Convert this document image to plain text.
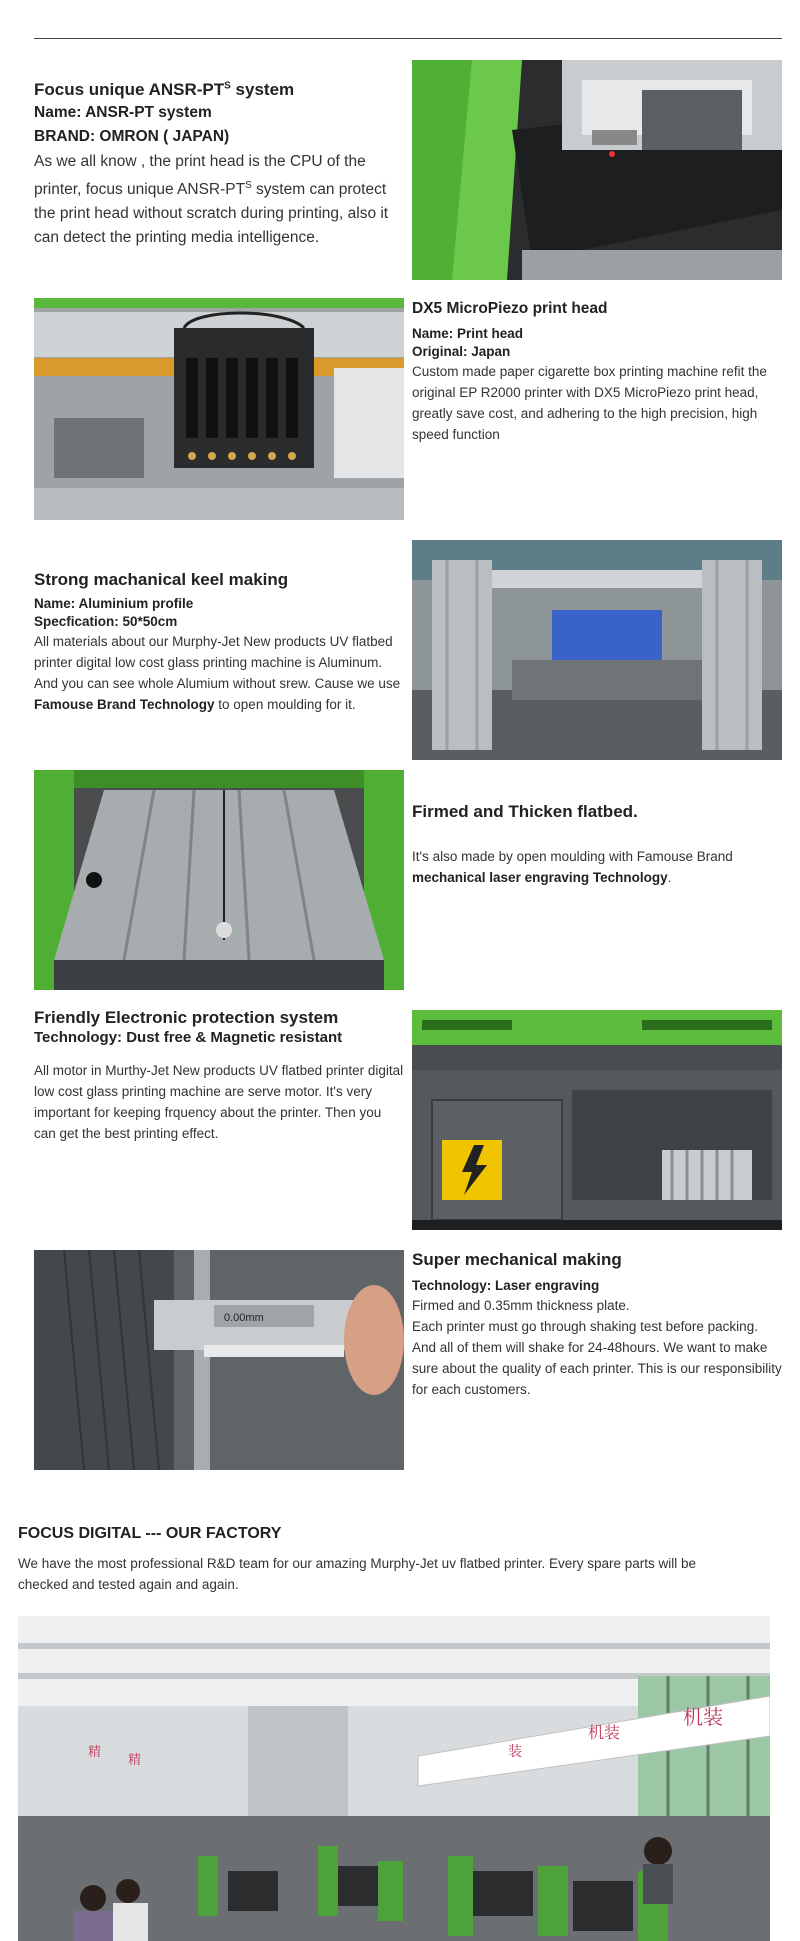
Focus unique ANSR-$PT^S$ system
Name: ANSR-PT system
BRAND: OMRON ( JAPAN)

As we all know , the print head is the CPU of the printer, focus unique ANSR-$PT^S$ system can protect the print head without scratch during printing, also it can detect the printing media intelligence.

DX5 MicroPiezo print head
Name: Print head
Original: Japan

Custom made paper cigarette box printing machine refit the original EP R2000 printer with DX5 MicroPiezo print head, greatly save cost, and adhering to the high precision, high speed function

Strong machanical keel making
Name: Aluminium profile
Specfication: 50*50cm

All materials about our Murphy-Jet New products UV flatbed printer digital low cost glass printing machine is Aluminum. And you can see whole Alumium without srew. Cause we use Famouse Brand Technology to open moulding for it.

Firmed and Thicken flatbed.

It's also made by open moulding with Famouse Brand mechanical laser engraving Technology.

Friendly Electronic protection system
Technology: Dust free & Magnetic resistant

All motor in Murthy-Jet New products UV flatbed printer digital low cost glass printing machine are serve motor. It's very important for keeping frquency about the printer. Then you can get the best printing effect.

0.00mm
Super mechanical making
Technology: Laser engraving

Firmed and 0.35mm thickness plate.

Each printer must go through shaking test before packing. And all of them will shake for 24-48hours. We want to make sure about the quality of each printer. This is our responsibility for each customers.

FOCUS DIGITAL --- OUR FACTORY
We have the most professional R&D team for our amazing Murphy-Jet uv flatbed printer. Every spare parts will be checked and tested again and again.
机装
机装
装
精
精
